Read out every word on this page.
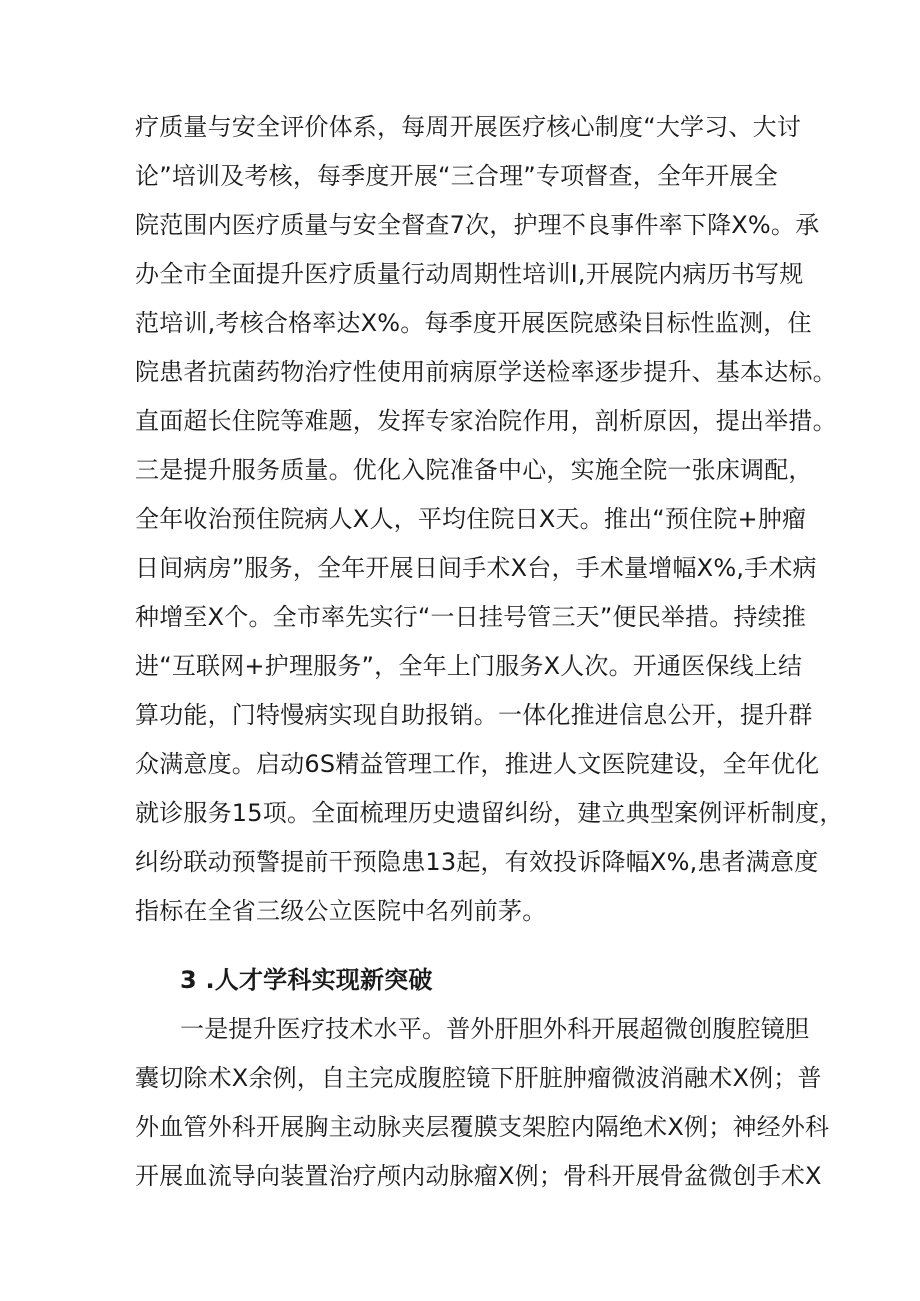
疗质量与安全评价体系，每周开展医疗核心制度“大学习、大讨
论”培训及考核，每季度开展“三合理”专项督查，全年开展全
院范围内医疗质量与安全督查7次，护理不良事件率下降X%。承
办全市全面提升医疗质量行动周期性培训I,开展院内病历书写规
范培训,考核合格率达X%。每季度开展医院感染目标性监测，住
院患者抗菌药物治疗性使用前病原学送检率逐步提升、基本达标。
直面超长住院等难题，发挥专家治院作用，剖析原因，提出举措。
三是提升服务质量。优化入院准备中心，实施全院一张床调配，
全年收治预住院病人X人，平均住院日X天。推出“预住院+肿瘤
日间病房”服务，全年开展日间手术X台，手术量增幅X%,手术病
种增至X个。全市率先实行“一日挂号管三天”便民举措。持续推
进“互联网+护理服务”，全年上门服务X人次。开通医保线上结
算功能，门特慢病实现自助报销。一体化推进信息公开，提升群
众满意度。启动6S精益管理工作，推进人文医院建设，全年优化
就诊服务15项。全面梳理历史遗留纠纷，建立典型案例评析制度，
纠纷联动预警提前干预隐患13起，有效投诉降幅X%,患者满意度
指标在全省三级公立医院中名列前茅。
3 .人才学科实现新突破
一是提升医疗技术水平。普外肝胆外科开展超微创腹腔镜胆
囊切除术X余例，自主完成腹腔镜下肝脏肿瘤微波消融术X例；普
外血管外科开展胸主动脉夹层覆膜支架腔内隔绝术X例；神经外科
开展血流导向装置治疗颅内动脉瘤X例；骨科开展骨盆微创手术X
